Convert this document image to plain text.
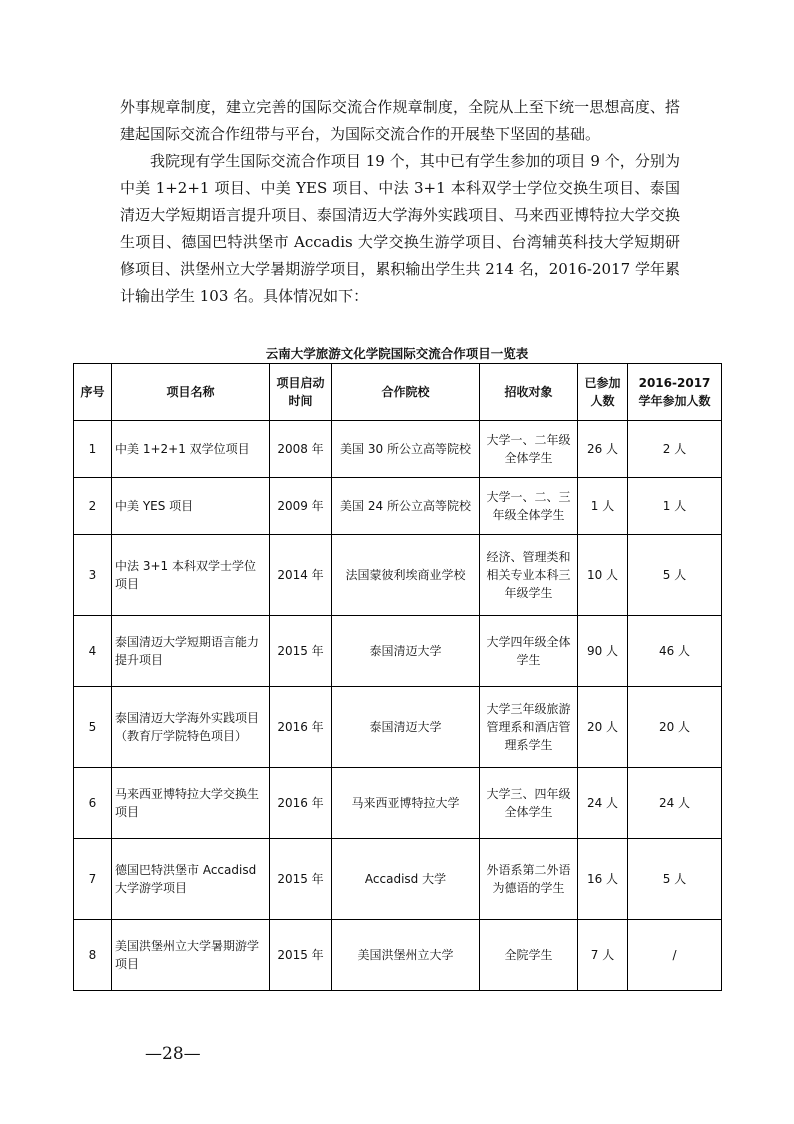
外事规章制度，建立完善的国际交流合作规章制度，全院从上至下统一思想高度、搭建起国际交流合作纽带与平台，为国际交流合作的开展垫下坚固的基础。

我院现有学生国际交流合作项目 19 个，其中已有学生参加的项目 9 个，分别为中美 1+2+1 项目、中美 YES 项目、中法 3+1 本科双学士学位交换生项目、泰国清迈大学短期语言提升项目、泰国清迈大学海外实践项目、马来西亚博特拉大学交换生项目、德国巴特洪堡市 Accadis 大学交换生游学项目、台湾辅英科技大学短期研修项目、洪堡州立大学暑期游学项目，累积输出学生共 214 名，2016-2017 学年累计输出学生 103 名。具体情况如下：

云南大学旅游文化学院国际交流合作项目一览表
序号	项目名称	项目启动时间	合作院校	招收对象	已参加人数	2016-2017 学年参加人数
1	中美 1+2+1 双学位项目	2008 年	美国 30 所公立高等院校	大学一、二年级全体学生	26 人	2 人
2	中美 YES 项目	2009 年	美国 24 所公立高等院校	大学一、二、三年级全体学生	1 人	1 人
3	中法 3+1 本科双学士学位项目	2014 年	法国蒙彼利埃商业学校	经济、管理类和相关专业本科三年级学生	10 人	5 人
4	泰国清迈大学短期语言能力提升项目	2015 年	泰国清迈大学	大学四年级全体学生	90 人	46 人
5	泰国清迈大学海外实践项目（教育厅学院特色项目）	2016 年	泰国清迈大学	大学三年级旅游管理系和酒店管理系学生	20 人	20 人
6	马来西亚博特拉大学交换生项目	2016 年	马来西亚博特拉大学	大学三、四年级全体学生	24 人	24 人
7	德国巴特洪堡市 Accadisd 大学游学项目	2015 年	Accadisd 大学	外语系第二外语为德语的学生	16 人	5 人
8	美国洪堡州立大学暑期游学项目	2015 年	美国洪堡州立大学	全院学生	7 人	/
—28—
